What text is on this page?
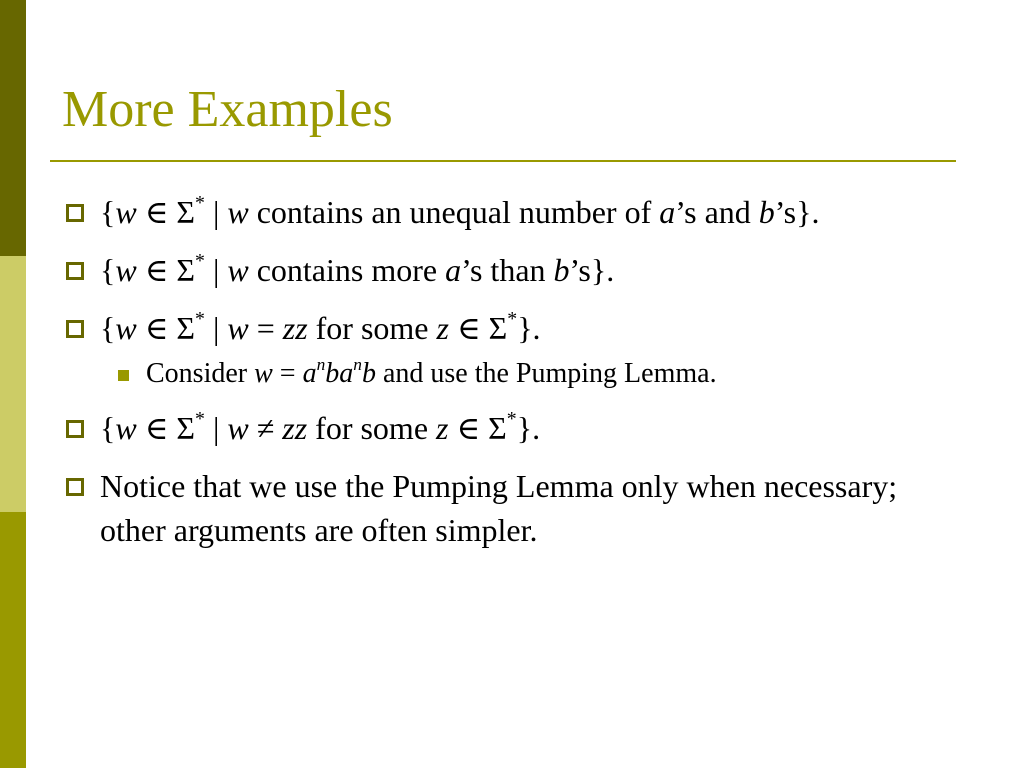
More Examples

{w ∈ Σ* | w contains an unequal number of a’s and b’s}.

{w ∈ Σ* | w contains more a’s than b’s}.

{w ∈ Σ* | w = zz for some z ∈ Σ*}.

Consider $w = a^nba^nb$ and use the Pumping Lemma.

{w ∈ Σ* | w ≠ zz for some z ∈ Σ*}.

Notice that we use the Pumping Lemma only when necessary; other arguments are often simpler.
